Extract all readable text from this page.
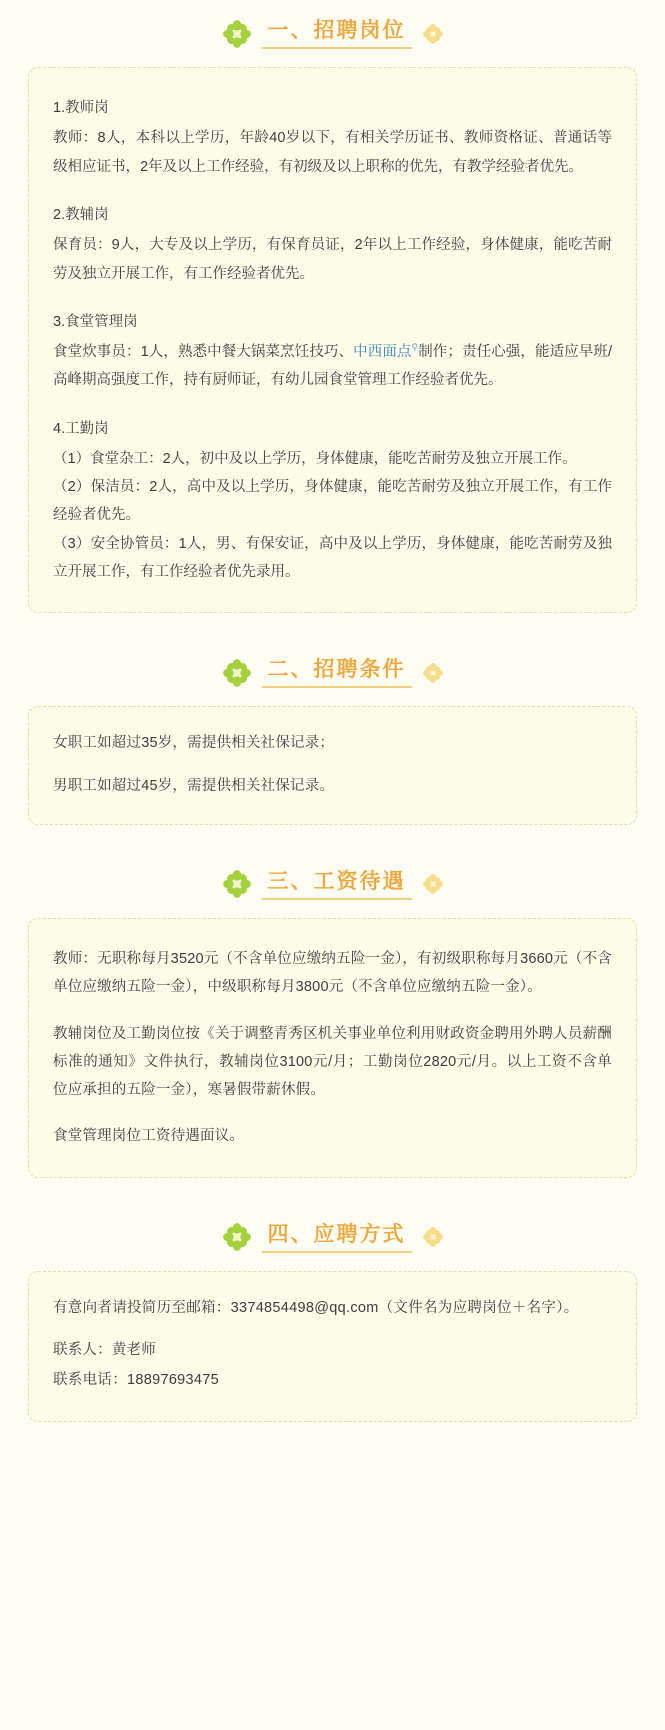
一、招聘岗位
1.教师岗
教师：8人，本科以上学历，年龄40岁以下，有相关学历证书、教师资格证、普通话等级相应证书，2年及以上工作经验，有初级及以上职称的优先，有教学经验者优先。
2.教辅岗
保育员：9人，大专及以上学历，有保育员证，2年以上工作经验，身体健康，能吃苦耐劳及独立开展工作，有工作经验者优先。
3.食堂管理岗
食堂炊事员：1人，熟悉中餐大锅菜烹饪技巧、中西面点⚲制作；责任心强，能适应早班/高峰期高强度工作，持有厨师证，有幼儿园食堂管理工作经验者优先。
4.工勤岗
（1）食堂杂工：2人，初中及以上学历，身体健康，能吃苦耐劳及独立开展工作。
（2）保洁员：2人，高中及以上学历，身体健康，能吃苦耐劳及独立开展工作，有工作经验者优先。
（3）安全协管员：1人，男、有保安证，高中及以上学历，身体健康，能吃苦耐劳及独立开展工作，有工作经验者优先录用。
二、招聘条件

女职工如超过35岁，需提供相关社保记录；

男职工如超过45岁，需提供相关社保记录。

三、工资待遇

教师：无职称每月3520元（不含单位应缴纳五险一金），有初级职称每月3660元（不含单位应缴纳五险一金），中级职称每月3800元（不含单位应缴纳五险一金）。

教辅岗位及工勤岗位按《关于调整青秀区机关事业单位利用财政资金聘用外聘人员薪酬标准的通知》文件执行，教辅岗位3100元/月；工勤岗位2820元/月。以上工资不含单位应承担的五险一金），寒暑假带薪休假。

食堂管理岗位工资待遇面议。

四、应聘方式

有意向者请投简历至邮箱：3374854498@qq.com（文件名为应聘岗位＋名字）。

联系人：黄老师

联系电话：18897693475
